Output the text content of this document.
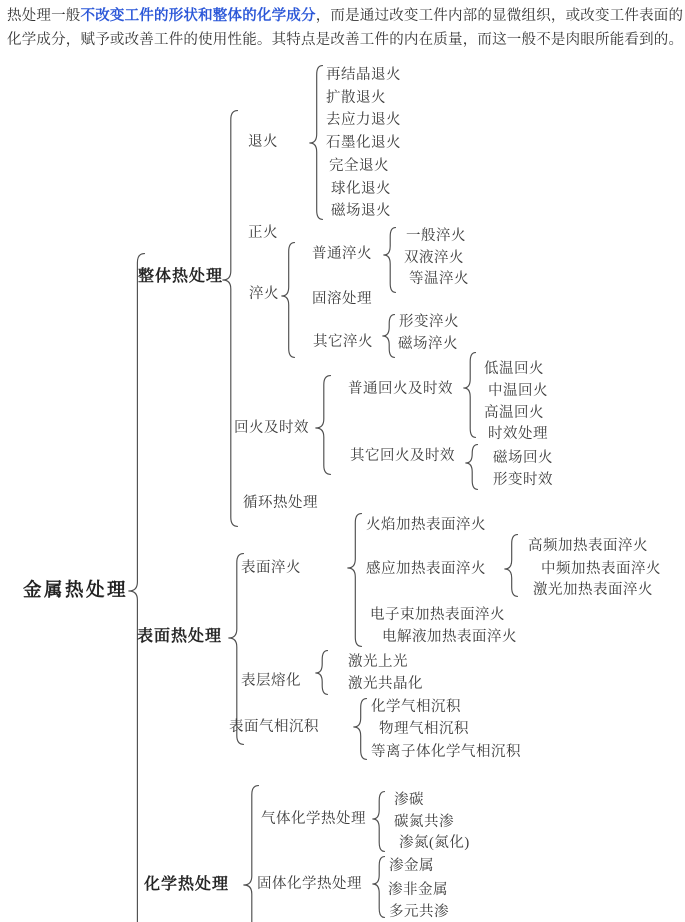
热处理一般不改变工件的形状和整体的化学成分，而是通过改变工件内部的显微组织，或改变工件表面的
化学成分，赋予或改善工件的使用性能。其特点是改善工件的内在质量，而这一般不是肉眼所能看到的。
金属热处理
整体热处理
表面热处理
化学热处理
退火
再结晶退火
扩散退火
去应力退火
石墨化退火
完全退火
球化退火
磁场退火
正火
淬火
普通淬火
一般淬火
双液淬火
等温淬火
固溶处理
其它淬火
形变淬火
磁场淬火
回火及时效
普通回火及时效
低温回火
中温回火
高温回火
时效处理
其它回火及时效	磁场回火
形变时效
循环热处理
表面淬火
火焰加热表面淬火
感应加热表面淬火
高频加热表面淬火
中频加热表面淬火
激光加热表面淬火
电子束加热表面淬火
电解液加热表面淬火
表层熔化
激光上光
激光共晶化
表面气相沉积
化学气相沉积
物理气相沉积
等离子体化学气相沉积
气体化学热处理
渗碳
碳氮共渗
渗氮(氮化)
固体化学热处理
渗金属
渗非金属
多元共渗
